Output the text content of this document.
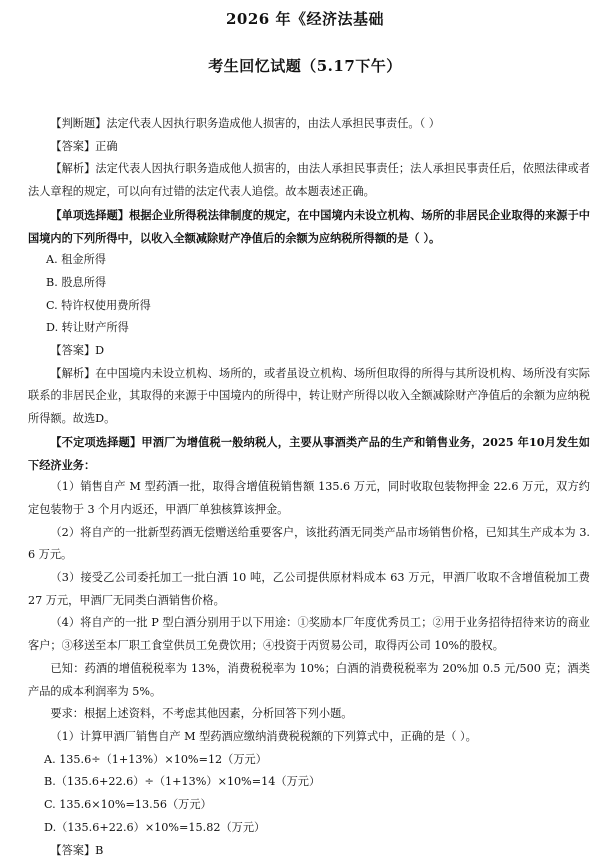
2026 年《经济法基础
考生回忆试题（5.17下午）

【判断题】法定代表人因执行职务造成他人损害的，由法人承担民事责任。（ ）

【答案】正确

【解析】法定代表人因执行职务造成他人损害的，由法人承担民事责任；法人承担民事责任后，依照法律或者法人章程的规定，可以向有过错的法定代表人追偿。故本题表述正确。

【单项选择题】根据企业所得税法律制度的规定，在中国境内未设立机构、场所的非居民企业取得的来源于中国境内的下列所得中，以收入全额减除财产净值后的余额为应纳税所得额的是（ ）。

A. 租金所得

B. 股息所得

C. 特许权使用费所得

D. 转让财产所得

【答案】D

【解析】在中国境内未设立机构、场所的，或者虽设立机构、场所但取得的所得与其所设机构、场所没有实际联系的非居民企业，其取得的来源于中国境内的所得中，转让财产所得以收入全额减除财产净值后的余额为应纳税所得额。故选D。

【不定项选择题】甲酒厂为增值税一般纳税人，主要从事酒类产品的生产和销售业务，2025 年10月发生如下经济业务：

（1）销售自产 M 型药酒一批，取得含增值税销售额 135.6 万元，同时收取包装物押金 22.6 万元，双方约定包装物于 3 个月内返还，甲酒厂单独核算该押金。

（2）将自产的一批新型药酒无偿赠送给重要客户，该批药酒无同类产品市场销售价格，已知其生产成本为 3.6 万元。

（3）接受乙公司委托加工一批白酒 10 吨，乙公司提供原材料成本 63 万元，甲酒厂收取不含增值税加工费 27 万元，甲酒厂无同类白酒销售价格。

（4）将自产的一批 P 型白酒分别用于以下用途：①奖励本厂年度优秀员工；②用于业务招待招待来访的商业客户；③移送至本厂职工食堂供员工免费饮用；④投资于丙贸易公司，取得丙公司 10%的股权。

已知：药酒的增值税税率为 13%，消费税税率为 10%；白酒的消费税税率为 20%加 0.5 元/500 克；酒类产品的成本利润率为 5%。

要求：根据上述资料，不考虑其他因素，分析回答下列小题。

（1）计算甲酒厂销售自产 M 型药酒应缴纳消费税税额的下列算式中，正确的是（ ）。

A. 135.6÷（1+13%）×10%=12（万元）

B.（135.6+22.6）÷（1+13%）×10%=14（万元）

C. 135.6×10%=13.56（万元）

D.（135.6+22.6）×10%=15.82（万元）

【答案】B
